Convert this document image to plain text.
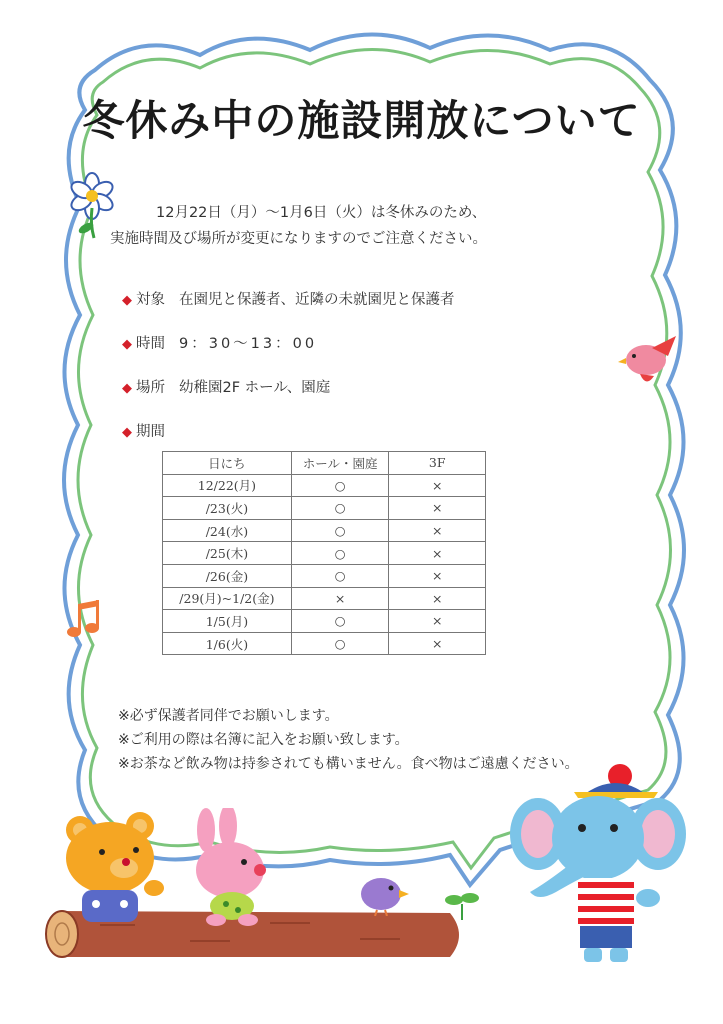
冬休み中の施設開放について
12月22日（月）～1月6日（火）は冬休みのため、
実施時間及び場所が変更になりますのでご注意ください。
◆ 対象 在園児と保護者、近隣の未就園児と保護者
◆ 時間 9：30～13：00
◆ 場所 幼稚園2F ホール、園庭
◆ 期間
日にち	ホール・園庭	3F
12/22(月)	○	×
/23(火)	○	×
/24(水)	○	×
/25(木)	○	×
/26(金)	○	×
/29(月)~1/2(金)	×	×
1/5(月)	○	×
1/6(火)	○	×
※必ず保護者同伴でお願いします。
※ご利用の際は名簿に記入をお願い致します。
※お茶など飲み物は持参されても構いません。食べ物はご遠慮ください。
